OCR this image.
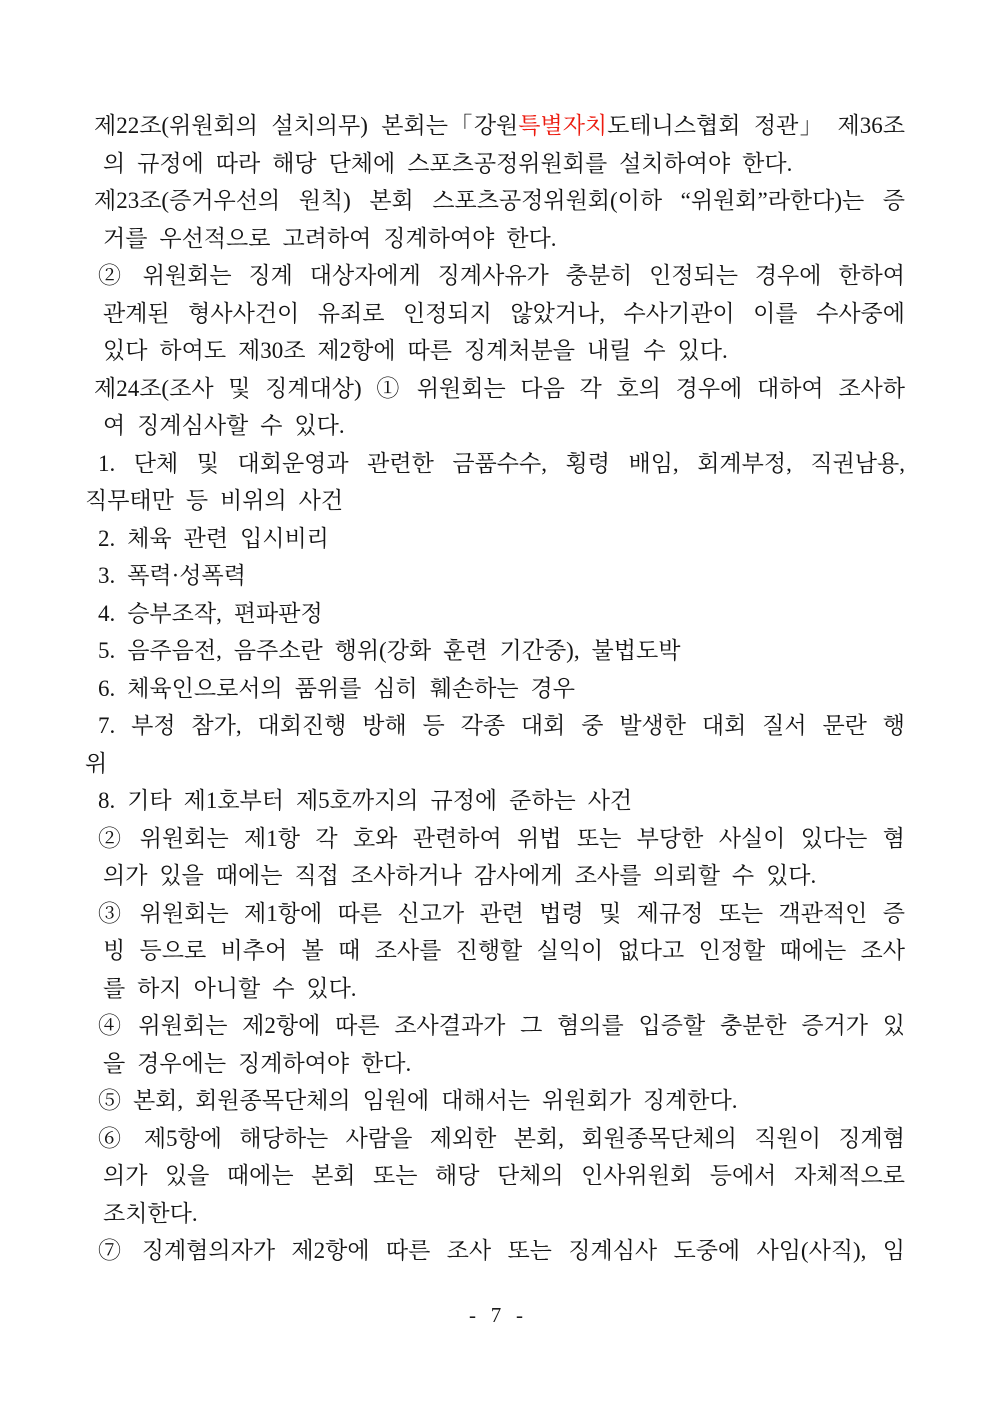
제22조(위원회의 설치의무) 본회는「강원특별자치도테니스협회 정관」 제36조
의 규정에 따라 해당 단체에 스포츠공정위원회를 설치하여야 한다.
제23조(증거우선의 원칙) 본회 스포츠공정위원회(이하 “위원회”라한다)는 증
거를 우선적으로 고려하여 징계하여야 한다.
② 위원회는 징계 대상자에게 징계사유가 충분히 인정되는 경우에 한하여
관계된 형사사건이 유죄로 인정되지 않았거나, 수사기관이 이를 수사중에
있다 하여도 제30조 제2항에 따른 징계처분을 내릴 수 있다.
제24조(조사 및 징계대상) ① 위원회는 다음 각 호의 경우에 대하여 조사하
여 징계심사할 수 있다.
1. 단체 및 대회운영과 관련한 금품수수, 횡령 배임, 회계부정, 직권남용,
직무태만 등 비위의 사건
2. 체육 관련 입시비리
3. 폭력·성폭력
4. 승부조작, 편파판정
5. 음주음전, 음주소란 행위(강화 훈련 기간중), 불법도박
6. 체육인으로서의 품위를 심히 훼손하는 경우
7. 부정 참가, 대회진행 방해 등 각종 대회 중 발생한 대회 질서 문란 행
위
8. 기타 제1호부터 제5호까지의 규정에 준하는 사건
② 위원회는 제1항 각 호와 관련하여 위법 또는 부당한 사실이 있다는 혐
의가 있을 때에는 직접 조사하거나 감사에게 조사를 의뢰할 수 있다.
③ 위원회는 제1항에 따른 신고가 관련 법령 및 제규정 또는 객관적인 증
빙 등으로 비추어 볼 때 조사를 진행할 실익이 없다고 인정할 때에는 조사
를 하지 아니할 수 있다.
④ 위원회는 제2항에 따른 조사결과가 그 혐의를 입증할 충분한 증거가 있
을 경우에는 징계하여야 한다.
⑤ 본회, 회원종목단체의 임원에 대해서는 위원회가 징계한다.
⑥ 제5항에 해당하는 사람을 제외한 본회, 회원종목단체의 직원이 징계혐
의가 있을 때에는 본회 또는 해당 단체의 인사위원회 등에서 자체적으로
조치한다.
⑦ 징계혐의자가 제2항에 따른 조사 또는 징계심사 도중에 사임(사직), 임
- 7 -
